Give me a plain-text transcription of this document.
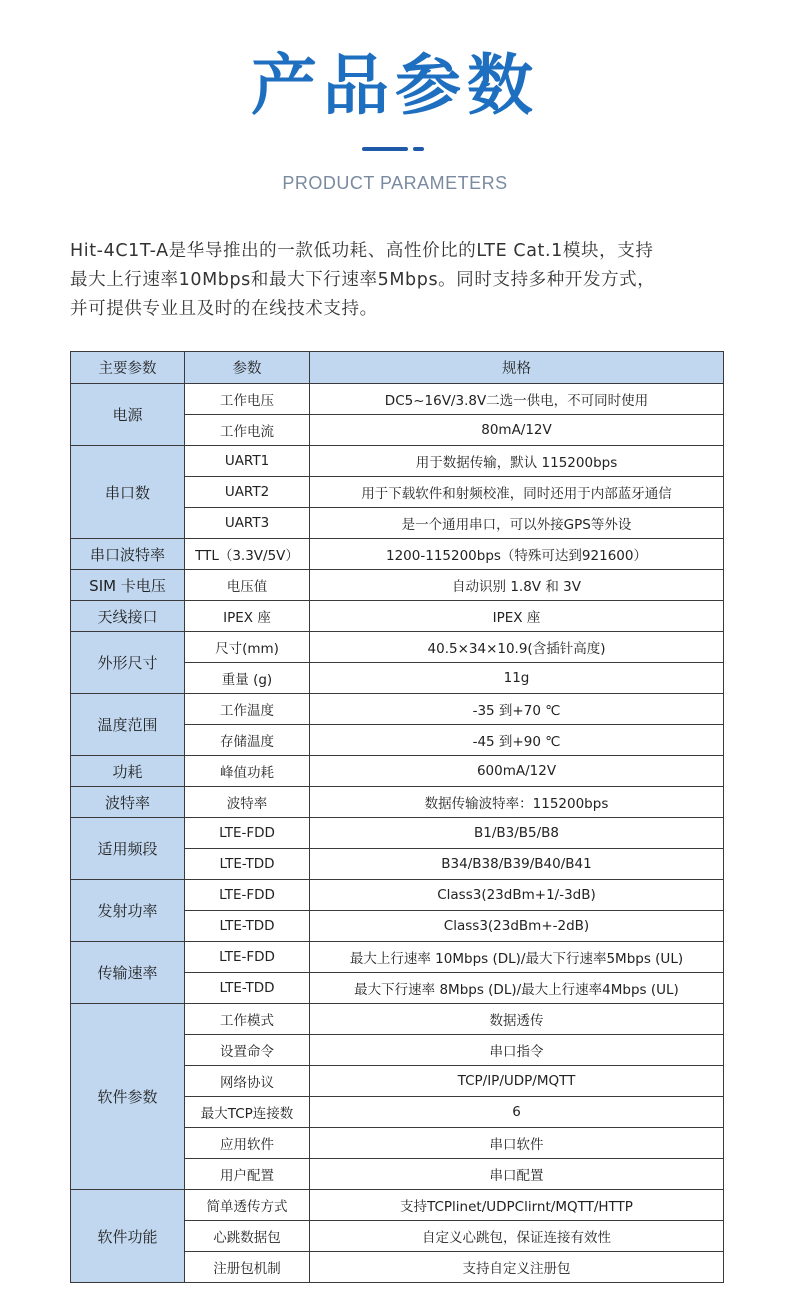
产品参数
PRODUCT PARAMETERS

Hit-4C1T-A是华导推出的一款低功耗、高性价比的LTE Cat.1模块，支持

最大上行速率10Mbps和最大下行速率5Mbps。同时支持多种开发方式，

并可提供专业且及时的在线技术支持。

主要参数	参数	规格
电源	工作电压	DC5~16V/3.8V二选一供电，不可同时使用
	工作电流	80mA/12V
串口数	UART1	用于数据传输，默认 115200bps
	UART2	用于下载软件和射频校准，同时还用于内部蓝牙通信
	UART3	是一个通用串口，可以外接GPS等外设
串口波特率	TTL（3.3V/5V）	1200-115200bps（特殊可达到921600）
SIM 卡电压	电压值	自动识别 1.8V 和 3V
天线接口	IPEX 座	IPEX 座
外形尺寸	尺寸(mm)	40.5×34×10.9(含插针高度)
	重量 (g)	11g
温度范围	工作温度	-35 到+70 ℃
	存储温度	-45 到+90 ℃
功耗	峰值功耗	600mA/12V
波特率	波特率	数据传输波特率：115200bps
适用频段	LTE-FDD	B1/B3/B5/B8
	LTE-TDD	B34/B38/B39/B40/B41
发射功率	LTE-FDD	Class3(23dBm+1/-3dB)
	LTE-TDD	Class3(23dBm+-2dB)
传输速率	LTE-FDD	最大上行速率 10Mbps (DL)/最大下行速率5Mbps (UL)
	LTE-TDD	最大下行速率 8Mbps (DL)/最大上行速率4Mbps (UL)
软件参数	工作模式	数据透传
	设置命令	串口指令
	网络协议	TCP/IP/UDP/MQTT
	最大TCP连接数	6
	应用软件	串口软件
	用户配置	串口配置
软件功能	简单透传方式	支持TCPlinet/UDPClirnt/MQTT/HTTP
	心跳数据包	自定义心跳包，保证连接有效性
	注册包机制	支持自定义注册包
